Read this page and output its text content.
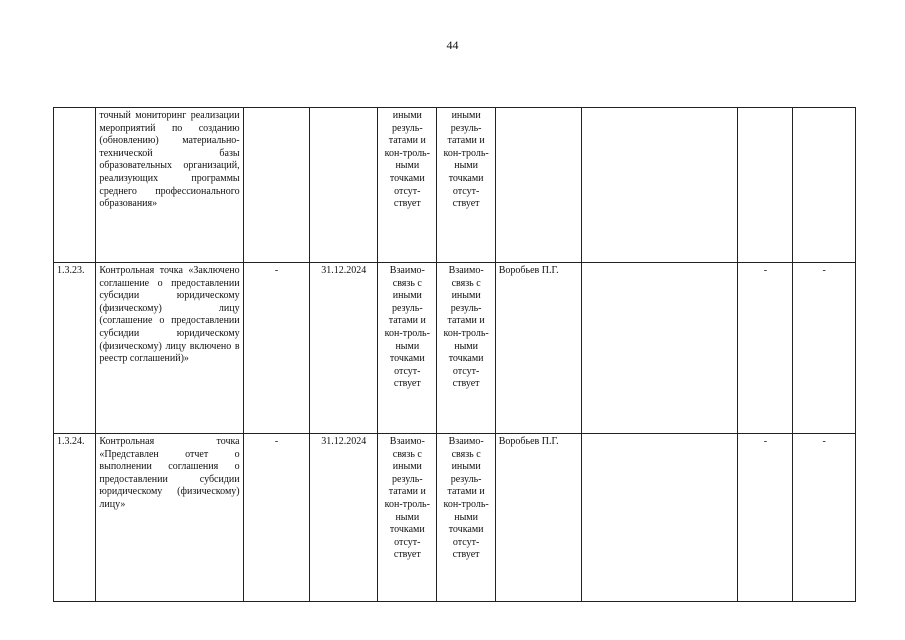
44
	точный мониторинг реализации мероприятий по созданию (обновлению) материально-технической базы образовательных организаций, реализующих программы среднего профессионального образования»			иными резуль-татами и кон-троль-ными точками отсут-ствует	иными резуль-татами и кон-троль-ными точками отсут-ствует				
1.3.23.	Контрольная точка «Заключено соглашение о предоставлении субсидии юридическому (физическому) лицу (соглашение о предоставлении субсидии юридическому (физическому) лицу включено в реестр соглашений)»	-	31.12.2024	Взаимо-связь с иными резуль-татами и кон-троль-ными точками отсут-ствует	Взаимо-связь с иными резуль-татами и кон-троль-ными точками отсут-ствует	Воробьев П.Г.		-	-
1.3.24.	Контрольная точка «Представлен отчет о выполнении соглашения о предоставлении субсидии юридическому (физическому) лицу»	-	31.12.2024	Взаимо-связь с иными резуль-татами и кон-троль-ными точками отсут-ствует	Взаимо-связь с иными резуль-татами и кон-троль-ными точками отсут-ствует	Воробьев П.Г.		-	-
